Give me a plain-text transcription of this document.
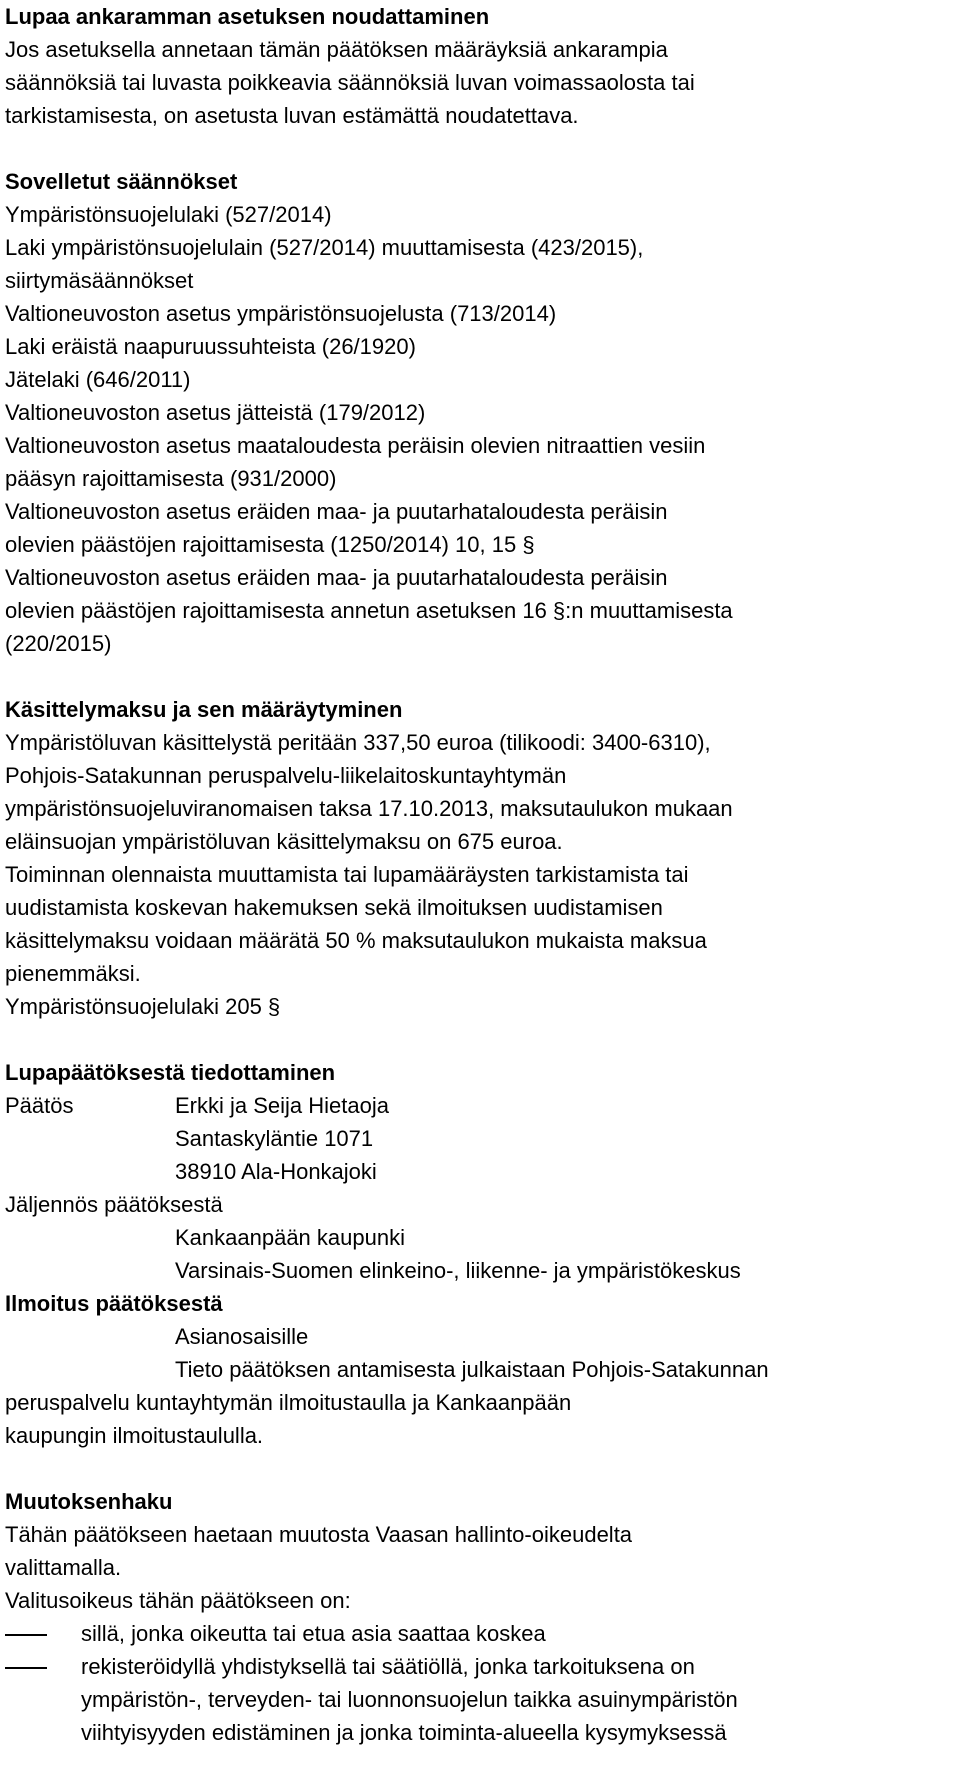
Lupaa ankaramman asetuksen noudattaminen

Jos asetuksella annetaan tämän päätöksen määräyksiä ankarampia

säännöksiä tai luvasta poikkeavia säännöksiä luvan voimassaolosta tai

tarkistamisesta, on asetusta luvan estämättä noudatettava.

Sovelletut säännökset

Ympäristönsuojelulaki (527/2014)

Laki ympäristönsuojelulain (527/2014) muuttamisesta (423/2015),

siirtymäsäännökset

Valtioneuvoston asetus ympäristönsuojelusta (713/2014)

Laki eräistä naapuruussuhteista (26/1920)

Jätelaki (646/2011)

Valtioneuvoston asetus jätteistä (179/2012)

Valtioneuvoston asetus maataloudesta peräisin olevien nitraattien vesiin

pääsyn rajoittamisesta (931/2000)

Valtioneuvoston asetus eräiden maa- ja puutarhataloudesta peräisin

olevien päästöjen rajoittamisesta (1250/2014) 10, 15 §

Valtioneuvoston asetus eräiden maa- ja puutarhataloudesta peräisin

olevien päästöjen rajoittamisesta annetun asetuksen 16 §:n muuttamisesta

(220/2015)

Käsittelymaksu ja sen määräytyminen

Ympäristöluvan käsittelystä peritään 337,50 euroa (tilikoodi: 3400-6310),

Pohjois-Satakunnan peruspalvelu-liikelaitoskuntayhtymän

ympäristönsuojeluviranomaisen taksa 17.10.2013, maksutaulukon mukaan

eläinsuojan ympäristöluvan käsittelymaksu on 675 euroa.

Toiminnan olennaista muuttamista tai lupamääräysten tarkistamista tai

uudistamista koskevan hakemuksen sekä ilmoituksen uudistamisen

käsittelymaksu voidaan määrätä 50 % maksutaulukon mukaista maksua

pienemmäksi.

Ympäristönsuojelulaki 205 §

Lupapäätöksestä tiedottaminen

Päätös	Erkki ja Seija Hietaoja

Santaskyläntie 1071

38910 Ala-Honkajoki

Jäljennös päätöksestä

Kankaanpään kaupunki

Varsinais-Suomen elinkeino-, liikenne- ja ympäristökeskus

Ilmoitus päätöksestä

Asianosaisille

Tieto päätöksen antamisesta julkaistaan Pohjois-Satakunnan

peruspalvelu kuntayhtymän ilmoitustaulla ja Kankaanpään

kaupungin ilmoitustaululla.

Muutoksenhaku

Tähän päätökseen haetaan muutosta Vaasan hallinto-oikeudelta

valittamalla.

Valitusoikeus tähän päätökseen on:

sillä, jonka oikeutta tai etua asia saattaa koskea
rekisteröidyllä yhdistyksellä tai säätiöllä, jonka tarkoituksena on

ympäristön-, terveyden- tai luonnonsuojelun taikka asuinympäristön

viihtyisyyden edistäminen ja jonka toiminta-alueella kysymyksessä
